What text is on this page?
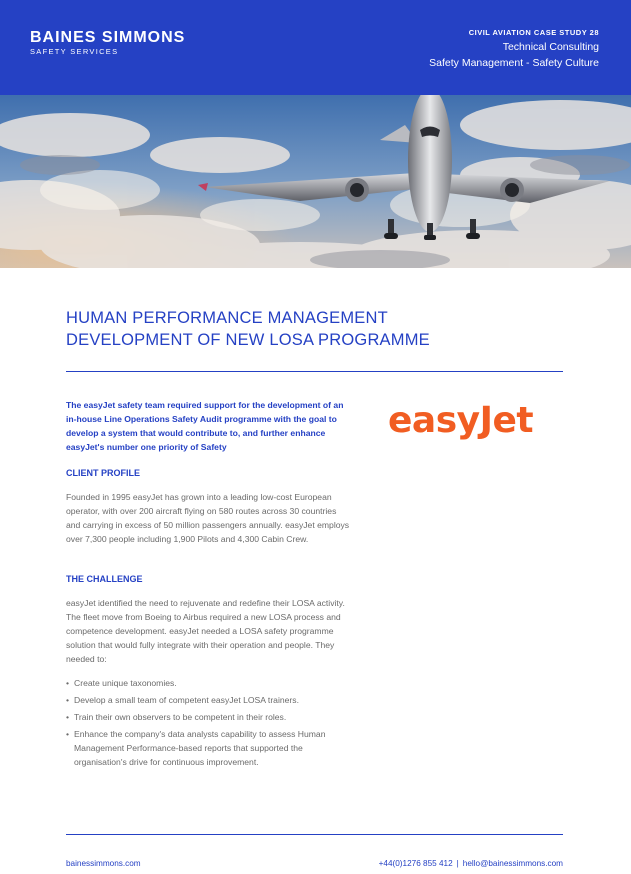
BAINES SIMMONS
SAFETY SERVICES
CIVIL AVIATION CASE STUDY 28
Technical Consulting
Safety Management - Safety Culture
HUMAN PERFORMANCE MANAGEMENT
DEVELOPMENT OF NEW LOSA PROGRAMME
The easyJet safety team required support for the development of an in-house Line Operations Safety Audit programme with the goal to develop a system that would contribute to, and further enhance easyJet's number one priority of Safety
easyJet
CLIENT PROFILE
Founded in 1995 easyJet has grown into a leading low-cost European operator, with over 200 aircraft flying on 580 routes across 30 countries and carrying in excess of 50 million passengers annually. easyJet employs over 7,300 people including 1,900 Pilots and 4,300 Cabin Crew.
THE CHALLENGE
easyJet identified the need to rejuvenate and redefine their LOSA activity. The fleet move from Boeing to Airbus required a new LOSA process and competence development. easyJet needed a LOSA safety programme solution that would fully integrate with their operation and people. They needed to:
• Create unique taxonomies.
• Develop a small team of competent easyJet LOSA trainers.
• Train their own observers to be competent in their roles.
• Enhance the company's data analysts capability to assess Human Management Performance-based reports that supported the organisation's drive for continuous improvement.
bainessimmons.com	+44(0)1276 855 412 | hello@bainessimmons.com
